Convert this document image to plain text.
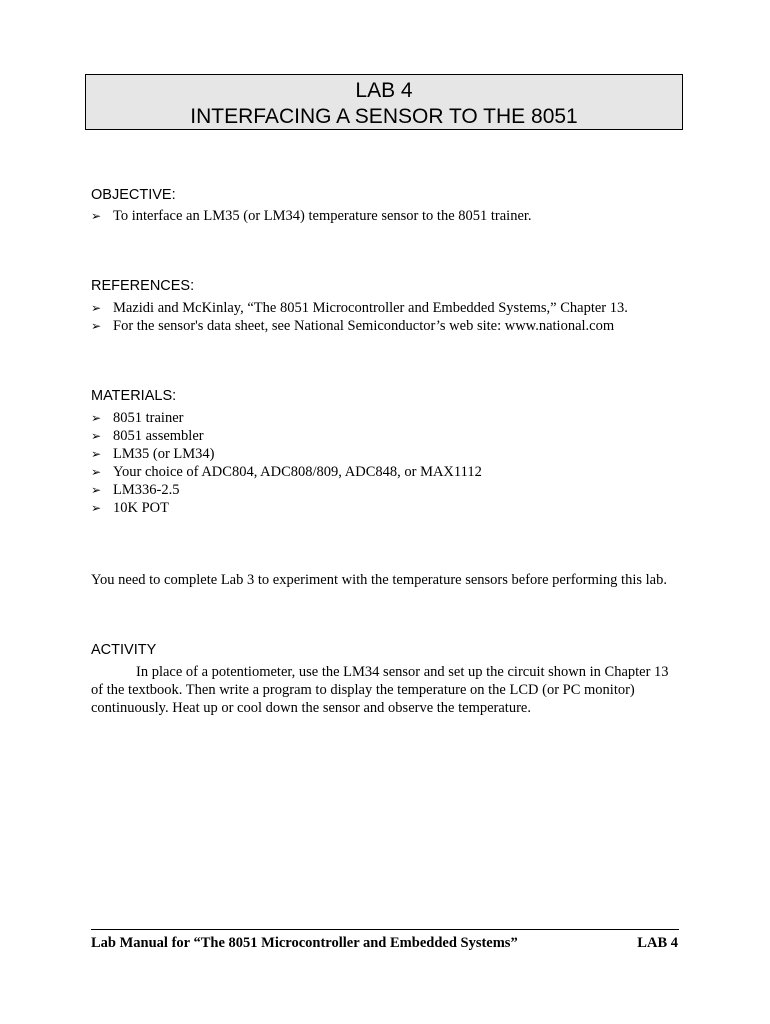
LAB 4
INTERFACING A SENSOR TO THE 8051
OBJECTIVE:
➢ To interface an LM35 (or LM34) temperature sensor to the 8051 trainer.
REFERENCES:
➢ Mazidi and McKinlay, “The 8051 Microcontroller and Embedded Systems,” Chapter 13.
➢ For the sensor's data sheet, see National Semiconductor’s web site: www.national.com
MATERIALS:
➢ 8051 trainer
➢ 8051 assembler
➢ LM35 (or LM34)
➢ Your choice of ADC804, ADC808/809, ADC848, or MAX1112
➢ LM336-2.5
➢ 10K POT

You need to complete Lab 3 to experiment with the temperature sensors before performing this lab.

ACTIVITY

In place of a potentiometer, use the LM34 sensor and set up the circuit shown in Chapter 13 of the textbook. Then write a program to display the temperature on the LCD (or PC monitor) continuously. Heat up or cool down the sensor and observe the temperature.

Lab Manual for “The 8051 Microcontroller and Embedded Systems”	LAB 4
